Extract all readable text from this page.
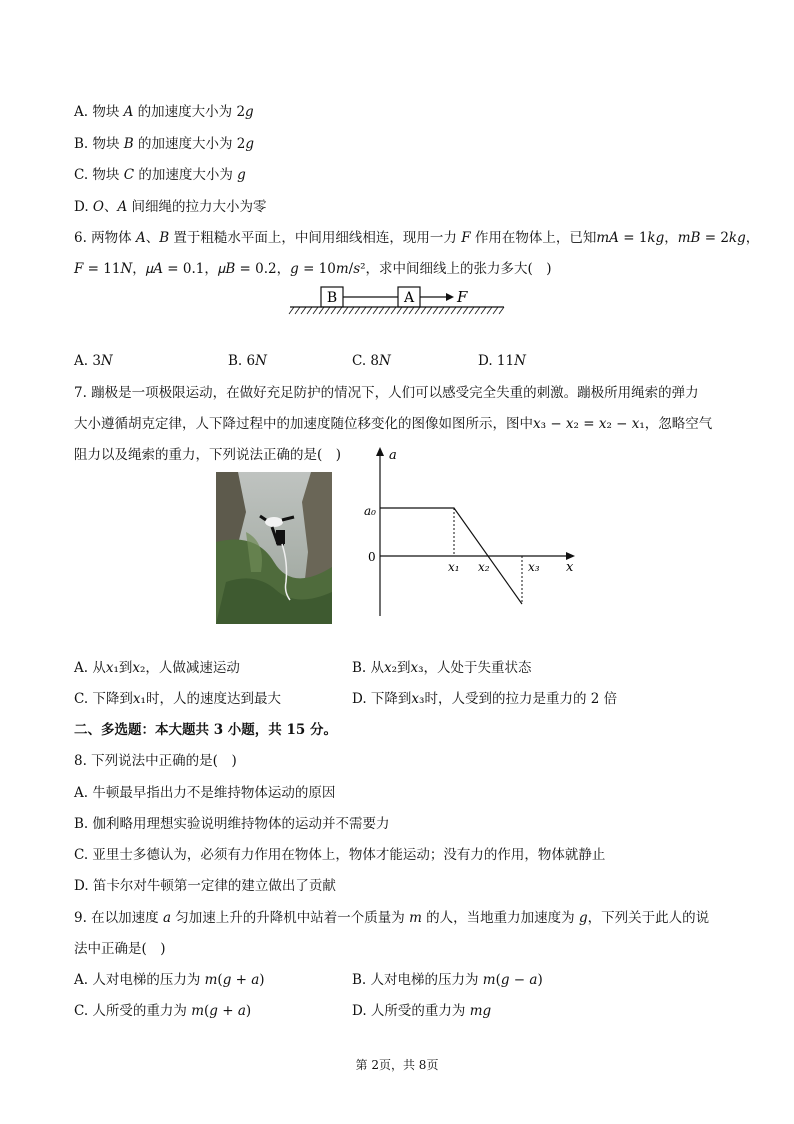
A. 物块 𝐴 的加速度大小为 2𝑔
B. 物块 𝐵 的加速度大小为 2𝑔
C. 物块 𝐶 的加速度大小为 𝑔
D. 𝑂、𝐴 间细绳的拉力大小为零
6. 两物体 𝐴、𝐵 置于粗糙水平面上，中间用细线相连，现用一力 𝐹 作用在物体上，已知𝑚𝐴 = 1𝑘𝑔，𝑚𝐵 = 2𝑘𝑔，
𝐹 = 11𝑁，𝜇𝐴 = 0.1，𝜇𝐵 = 0.2，𝑔 = 10𝑚/𝑠²，求中间细线上的张力多大(　)
B	A	F
A. 3𝑁	B. 6𝑁	C. 8𝑁	D. 11𝑁
7. 蹦极是一项极限运动，在做好充足防护的情况下，人们可以感受完全失重的刺激。蹦极所用绳索的弹力
大小遵循胡克定律，人下降过程中的加速度随位移变化的图像如图所示，图中𝑥₃ − 𝑥₂ = 𝑥₂ − 𝑥₁，忽略空气
阻力以及绳索的重力，下列说法正确的是(　)	a
a₀
0
x₁ x₂	x₃ x
A. 从𝑥₁到𝑥₂，人做减速运动	B. 从𝑥₂到𝑥₃，人处于失重状态
C. 下降到𝑥₁时，人的速度达到最大	D. 下降到𝑥₃时，人受到的拉力是重力的 2 倍
二、多选题：本大题共 3 小题，共 15 分。
8. 下列说法中正确的是(　)
A. 牛顿最早指出力不是维持物体运动的原因
B. 伽利略用理想实验说明维持物体的运动并不需要力
C. 亚里士多德认为，必须有力作用在物体上，物体才能运动；没有力的作用，物体就静止
D. 笛卡尔对牛顿第一定律的建立做出了贡献
9. 在以加速度 𝑎 匀加速上升的升降机中站着一个质量为 𝑚 的人，当地重力加速度为 𝑔，下列关于此人的说
法中正确是(　)
A. 人对电梯的压力为 𝑚(𝑔 + 𝑎)	B. 人对电梯的压力为 𝑚(𝑔 − 𝑎)
C. 人所受的重力为 𝑚(𝑔 + 𝑎)	D. 人所受的重力为 𝑚𝑔
第 2页，共 8页
